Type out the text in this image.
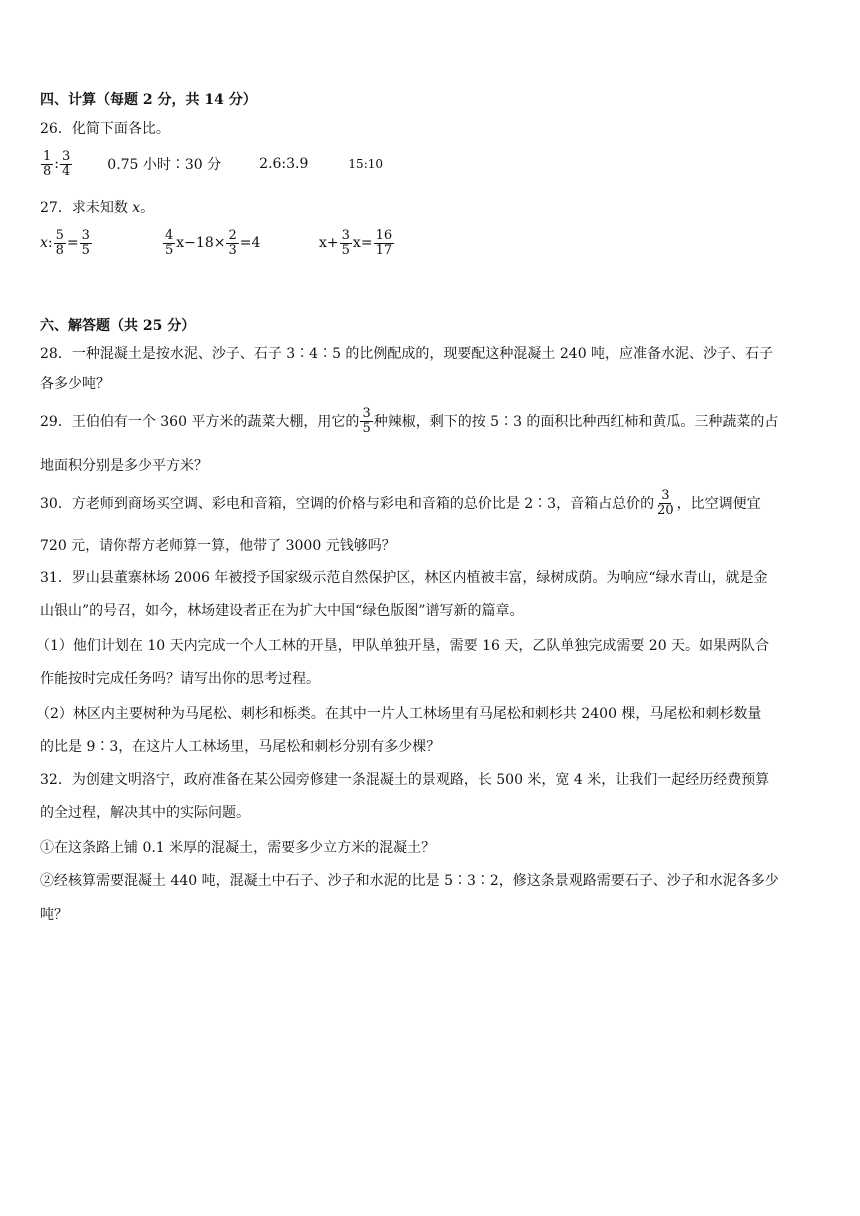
四、计算（每题 2 分，共 14 分）
26．化简下面各比。
$\frac{1}{8}$ : $\frac{3}{4}$	0.75 小时∶30 分	2.6:3.9	15:10
27．求未知数 x。
x : $\frac{5}{8} = \frac{3}{5}$	$\frac{4}{5} x-18\times \frac{2}{3} =4$	$x+ \frac{3}{5} x= \frac{16}{17}$
六、解答题（共 25 分）
28．一种混凝土是按水泥、沙子、石子 3∶4∶5 的比例配成的，现要配这种混凝土 240 吨，应准备水泥、沙子、石子
各多少吨？
29．王伯伯有一个 360 平方米的蔬菜大棚，用它的 $\frac{3}{5}$ 种辣椒，剩下的按 5∶3 的面积比种西红柿和黄瓜。三种蔬菜的占
地面积分别是多少平方米？
30．方老师到商场买空调、彩电和音箱，空调的价格与彩电和音箱的总价比是 2∶3，音箱占总价的 $\frac{3}{20}$ ，比空调便宜
720 元，请你帮方老师算一算，他带了 3000 元钱够吗？
31．罗山县董寨林场 2006 年被授予国家级示范自然保护区，林区内植被丰富，绿树成荫。为响应“绿水青山，就是金
山银山”的号召，如今，林场建设者正在为扩大中国“绿色版图”谱写新的篇章。
（1）他们计划在 10 天内完成一个人工林的开垦，甲队单独开垦，需要 16 天，乙队单独完成需要 20 天。如果两队合
作能按时完成任务吗？请写出你的思考过程。
（2）林区内主要树种为马尾松、刺杉和栎类。在其中一片人工林场里有马尾松和刺杉共 2400 棵，马尾松和刺杉数量
的比是 9∶3，在这片人工林场里，马尾松和刺杉分别有多少棵？
32．为创建文明洛宁，政府准备在某公园旁修建一条混凝土的景观路，长 500 米，宽 4 米，让我们一起经历经费预算
的全过程，解决其中的实际问题。
①在这条路上铺 0.1 米厚的混凝土，需要多少立方米的混凝土？
②经核算需要混凝土 440 吨，混凝土中石子、沙子和水泥的比是 5∶3∶2，修这条景观路需要石子、沙子和水泥各多少
吨？
